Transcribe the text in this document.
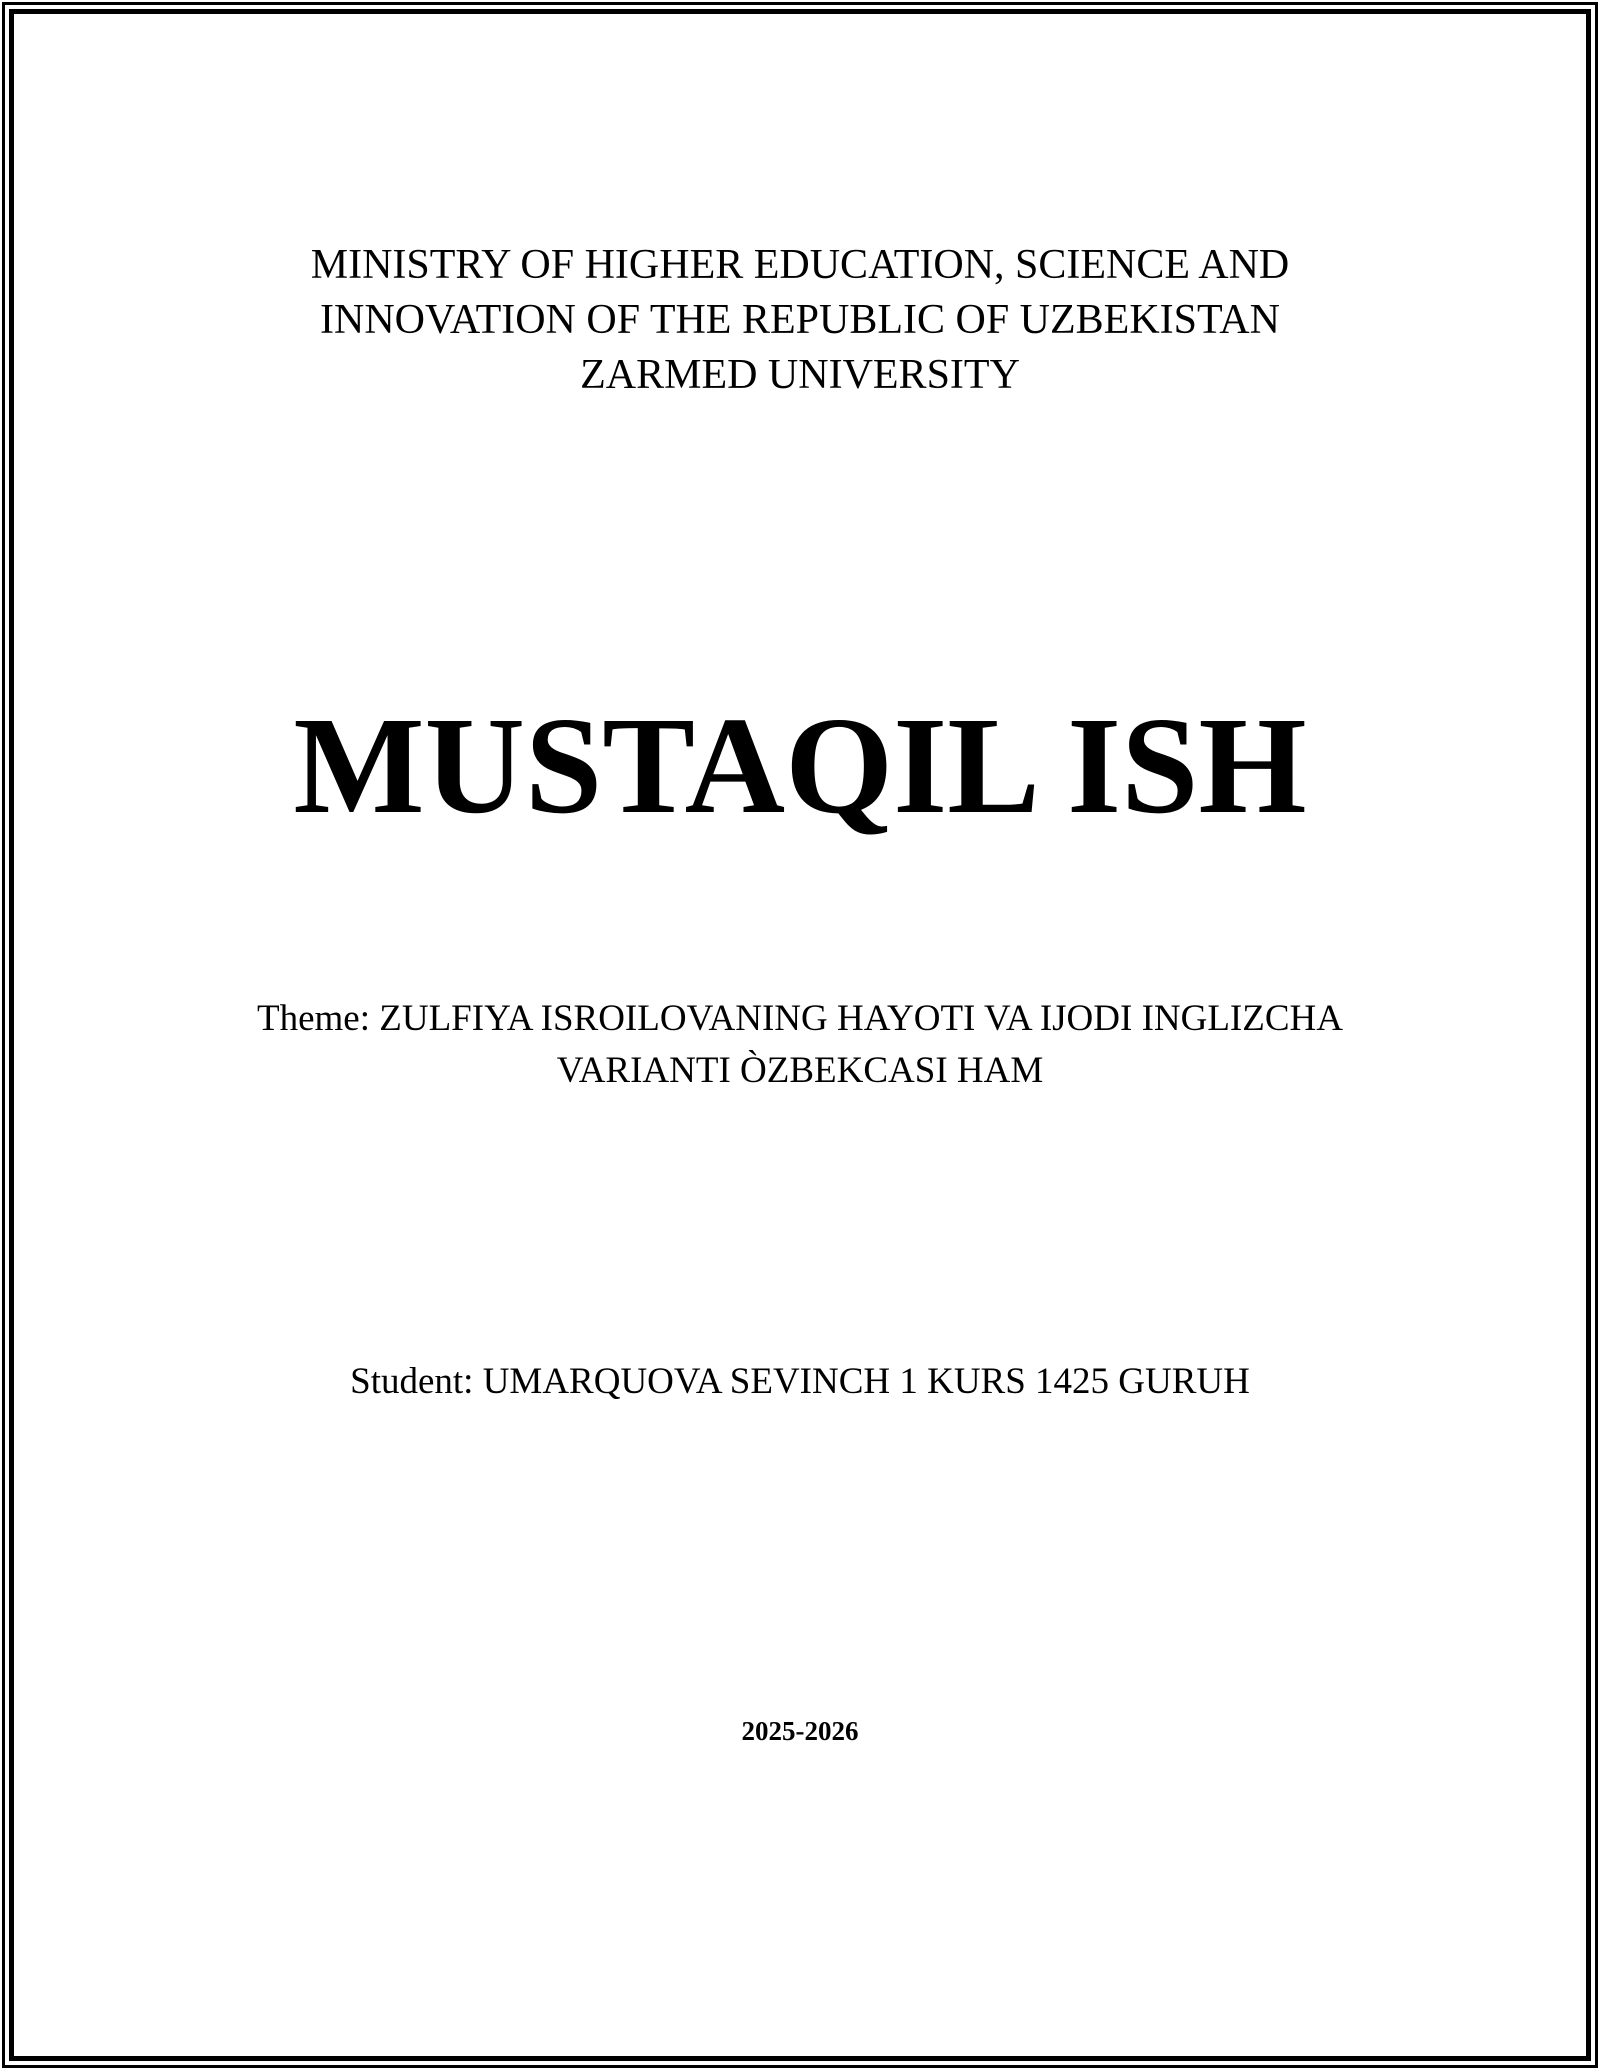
MINISTRY OF HIGHER EDUCATION, SCIENCE AND
INNOVATION OF THE REPUBLIC OF UZBEKISTAN
ZARMED UNIVERSITY
MUSTAQIL ISH
Theme: ZULFIYA ISROILOVANING HAYOTI VA IJODI INGLIZCHA
VARIANTI ÒZBEKCASI HAM
Student: UMARQUOVA SEVINCH 1 KURS 1425 GURUH
2025-2026
